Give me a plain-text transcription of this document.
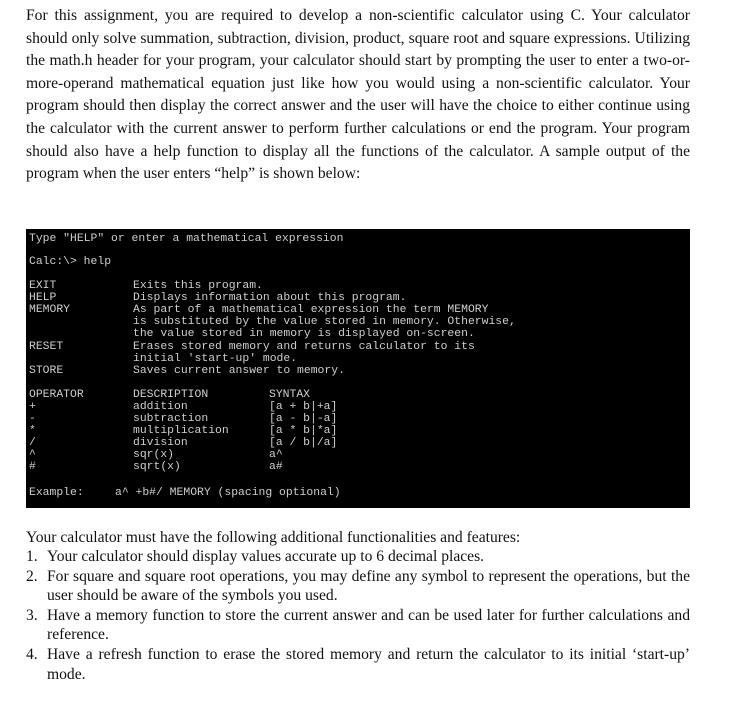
For this assignment, you are required to develop a non-scientific calculator using C. Your calculator should only solve summation, subtraction, division, product, square root and square expressions. Utilizing the math.h header for your program, your calculator should start by prompting the user to enter a two-or-more-operand mathematical equation just like how you would using a non-scientific calculator. Your program should then display the correct answer and the user will have the choice to either continue using the calculator with the current answer to perform further calculations or end the program. Your program should also have a help function to display all the functions of the calculator. A sample output of the program when the user enters “help” is shown below:

Type "HELP" or enter a mathematical expression
Calc:\> help
EXIT	Exits this program.
HELP	Displays information about this program.
MEMORY	As part of a mathematical expression the term MEMORY
is substituted by the value stored in memory. Otherwise,
the value stored in memory is displayed on-screen.
RESET	Erases stored memory and returns calculator to its
initial 'start-up' mode.
STORE	Saves current answer to memory.
OPERATOR	DESCRIPTION	SYNTAX
+	addition	[a + b|+a]
-	subtraction	[a - b|-a]
*	multiplication	[a * b|*a]
/	division	[a / b|/a]
^	sqr(x)	a^
#	sqrt(x)	a#
Example:	a^ +b#/ MEMORY (spacing optional)

Your calculator must have the following additional functionalities and features:

1. Your calculator should display values accurate up to 6 decimal places.
2. For square and square root operations, you may define any symbol to represent the operations, but the user should be aware of the symbols you used.
3. Have a memory function to store the current answer and can be used later for further calculations and reference.
4. Have a refresh function to erase the stored memory and return the calculator to its initial ‘start-up’ mode.
